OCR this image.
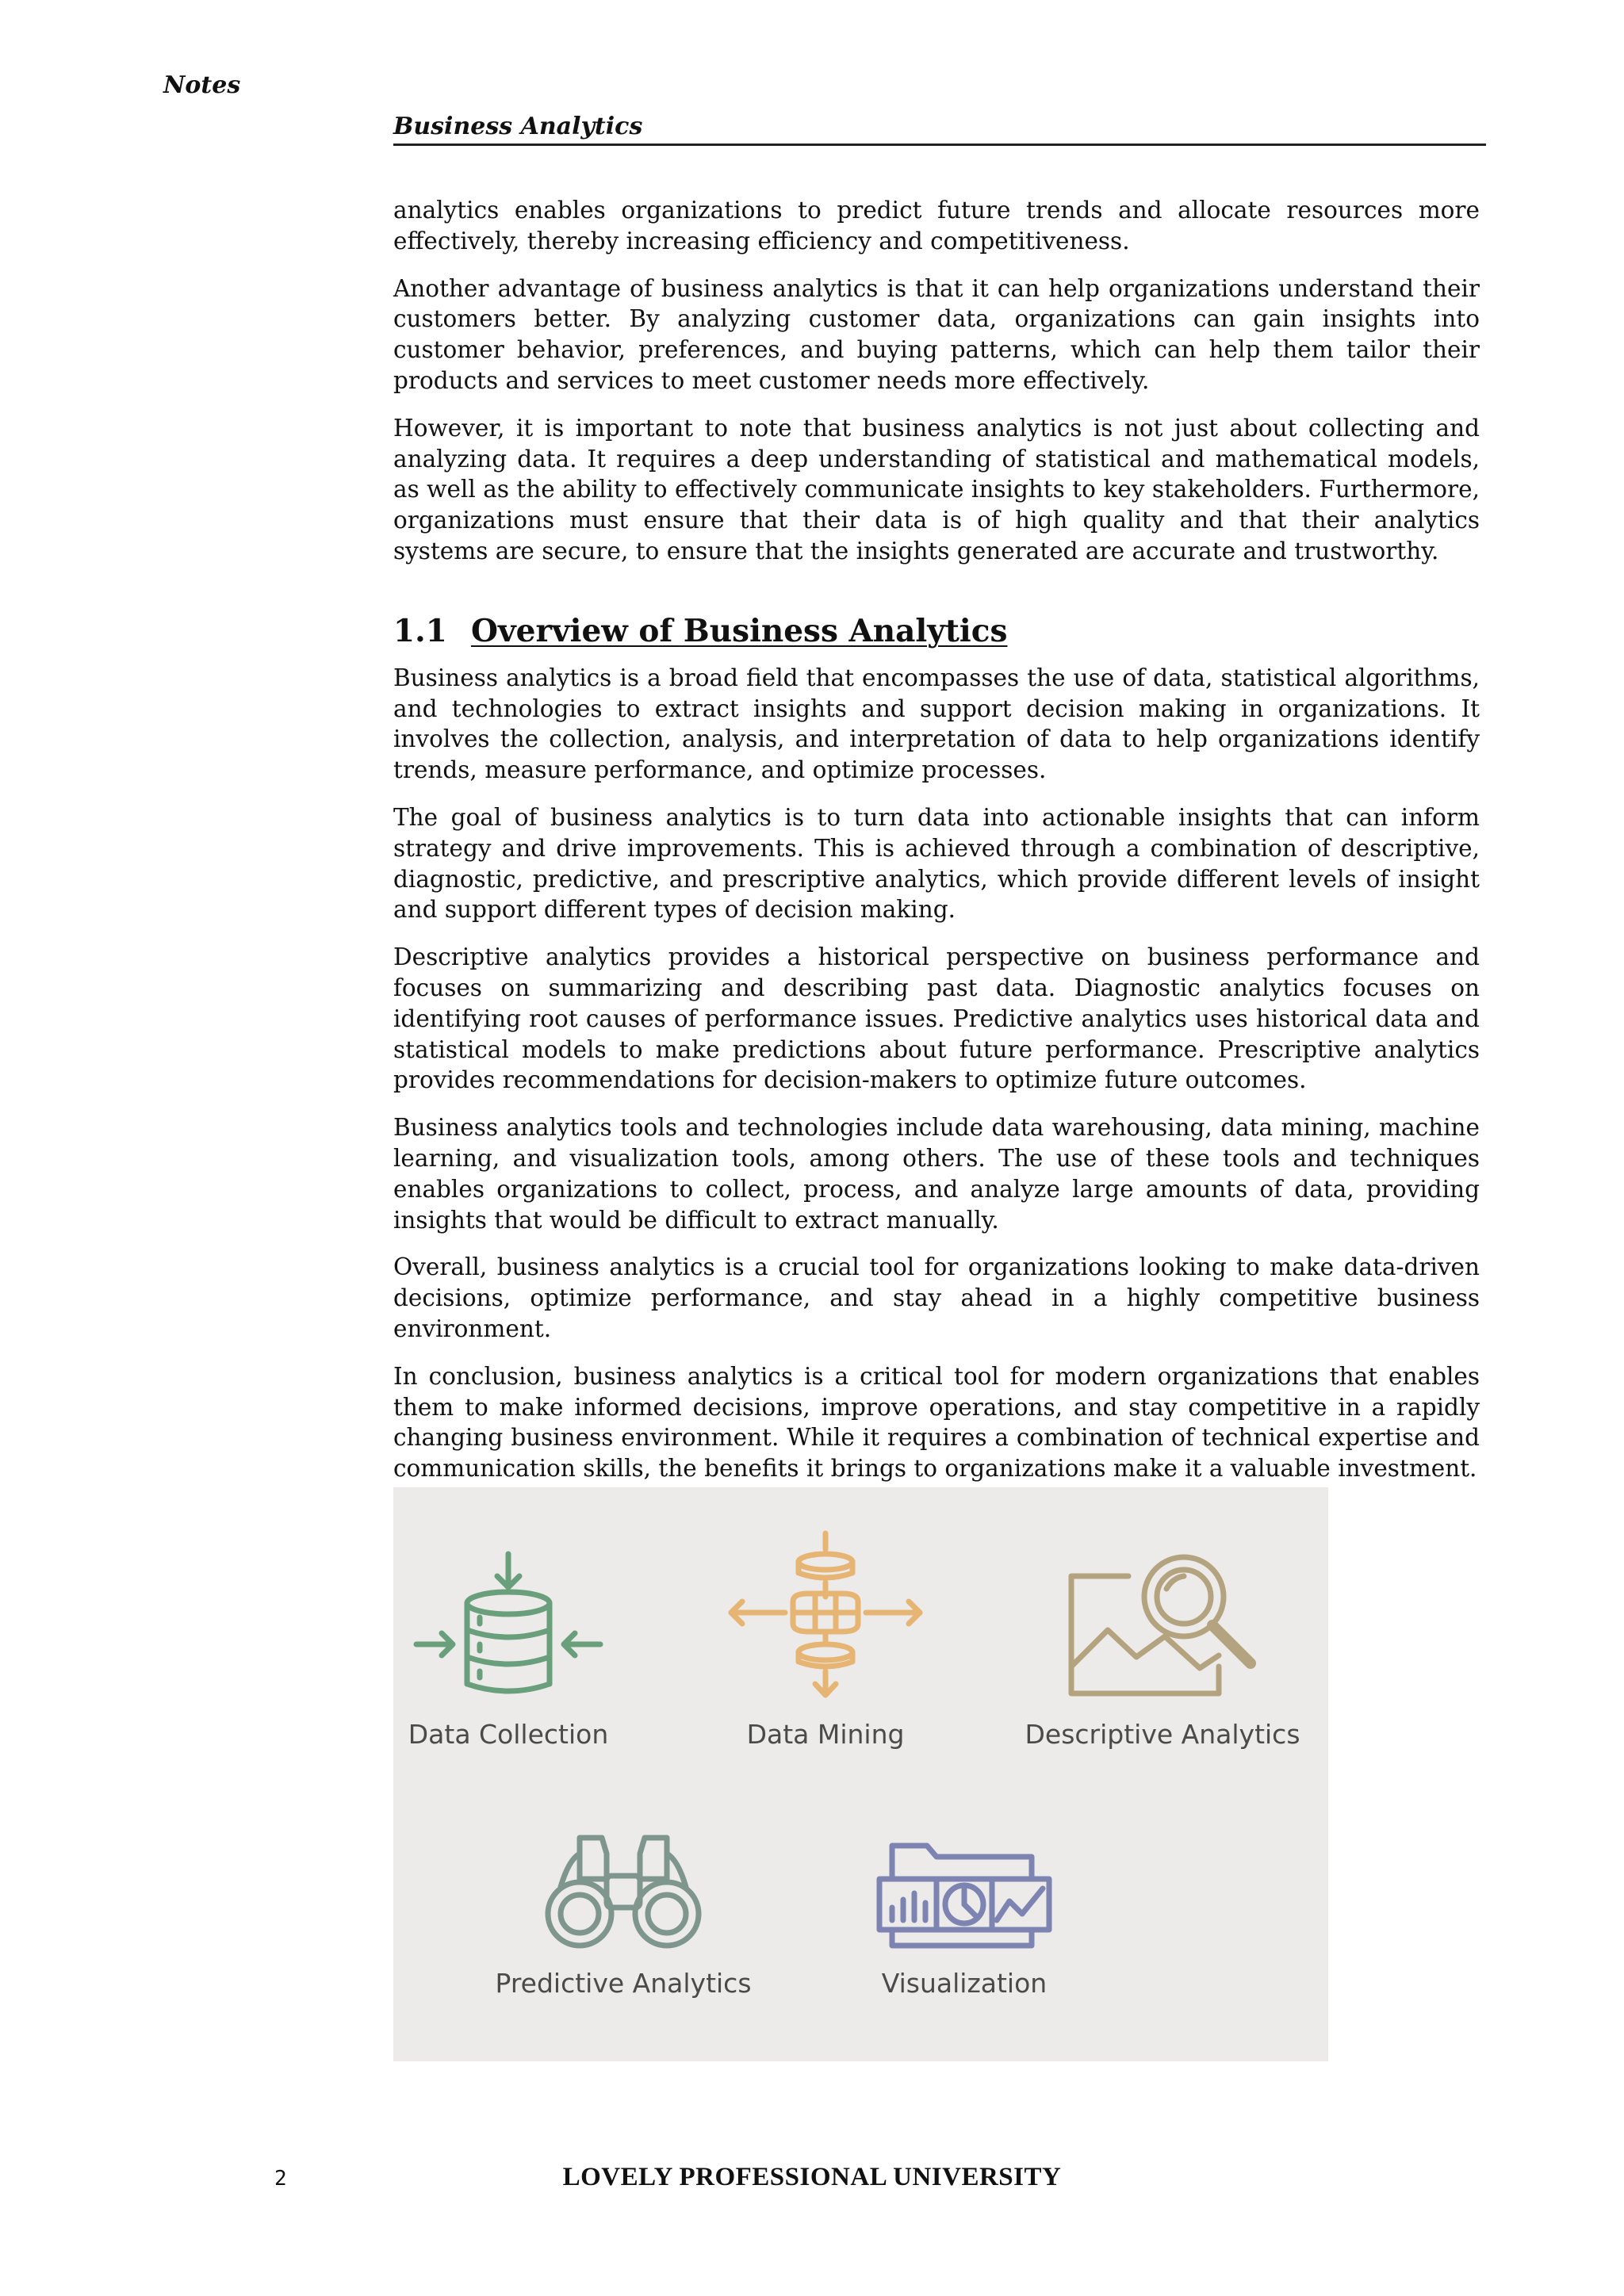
Notes
Business Analytics

analytics enables organizations to predict future trends and allocate resources more effectively, thereby increasing efficiency and competitiveness.

Another advantage of business analytics is that it can help organizations understand their customers better. By analyzing customer data, organizations can gain insights into customer behavior, preferences, and buying patterns, which can help them tailor their products and services to meet customer needs more effectively.

However, it is important to note that business analytics is not just about collecting and analyzing data. It requires a deep understanding of statistical and mathematical models, as well as the ability to effectively communicate insights to key stakeholders. Furthermore, organizations must ensure that their data is of high quality and that their analytics systems are secure, to ensure that the insights generated are accurate and trustworthy.

1.1 Overview of Business Analytics

Business analytics is a broad field that encompasses the use of data, statistical algorithms, and technologies to extract insights and support decision making in organizations. It involves the collection, analysis, and interpretation of data to help organizations identify trends, measure performance, and optimize processes.

The goal of business analytics is to turn data into actionable insights that can inform strategy and drive improvements. This is achieved through a combination of descriptive, diagnostic, predictive, and prescriptive analytics, which provide different levels of insight and support different types of decision making.

Descriptive analytics provides a historical perspective on business performance and focuses on summarizing and describing past data. Diagnostic analytics focuses on identifying root causes of performance issues. Predictive analytics uses historical data and statistical models to make predictions about future performance. Prescriptive analytics provides recommendations for decision-makers to optimize future outcomes.

Business analytics tools and technologies include data warehousing, data mining, machine learning, and visualization tools, among others. The use of these tools and techniques enables organizations to collect, process, and analyze large amounts of data, providing insights that would be difficult to extract manually.

Overall, business analytics is a crucial tool for organizations looking to make data-driven decisions, optimize performance, and stay ahead in a highly competitive business environment.

In conclusion, business analytics is a critical tool for modern organizations that enables them to make informed decisions, improve operations, and stay competitive in a rapidly changing business environment. While it requires a combination of technical expertise and communication skills, the benefits it brings to organizations make it a valuable investment.

Data Collection	Data Mining	Descriptive Analytics
Predictive Analytics	Visualization
2	LOVELY PROFESSIONAL UNIVERSITY
